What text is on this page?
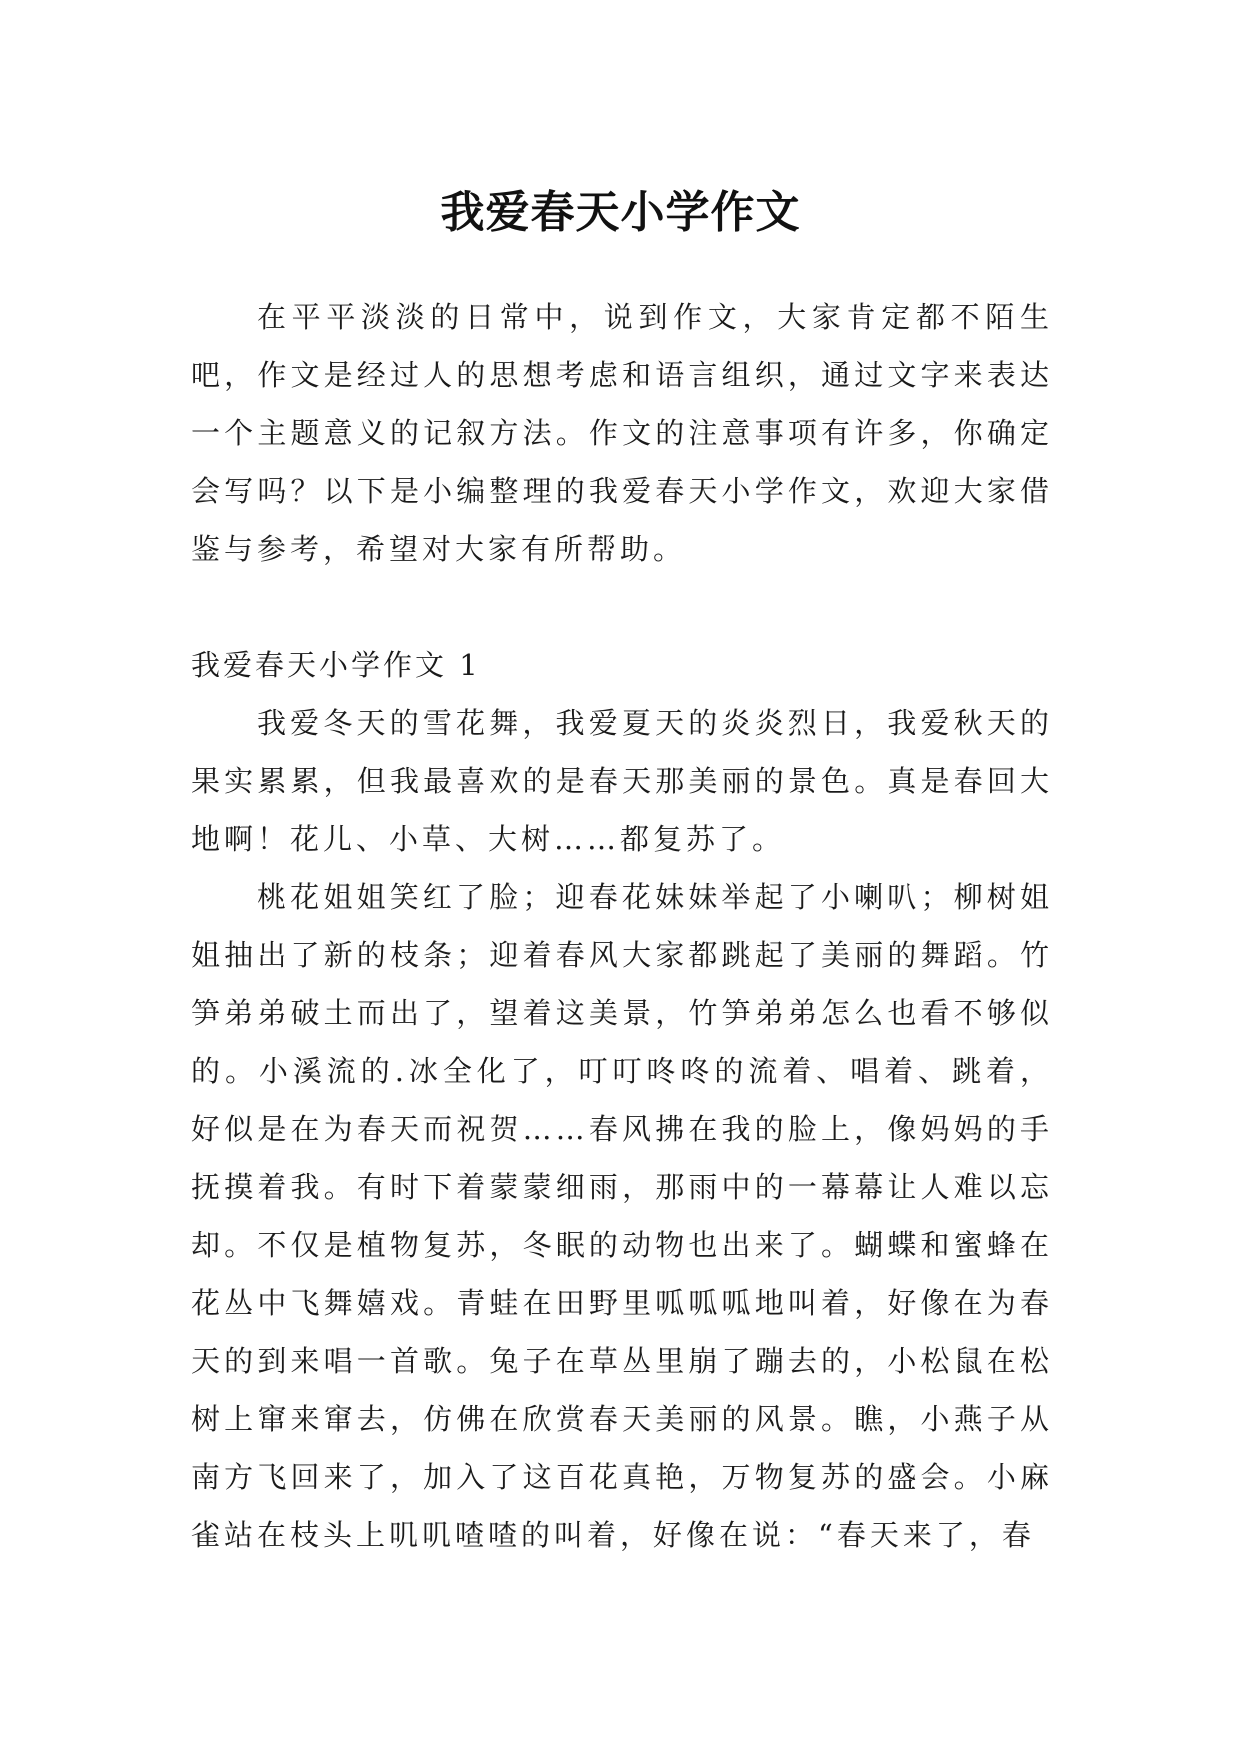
我爱春天小学作文

在平平淡淡的日常中，说到作文，大家肯定都不陌生吧，作文是经过人的思想考虑和语言组织，通过文字来表达一个主题意义的记叙方法。作文的注意事项有许多，你确定会写吗？以下是小编整理的我爱春天小学作文，欢迎大家借鉴与参考，希望对大家有所帮助。

我爱春天小学作文 1

我爱冬天的雪花舞，我爱夏天的炎炎烈日，我爱秋天的果实累累，但我最喜欢的是春天那美丽的景色。真是春回大地啊！花儿、小草、大树……都复苏了。

桃花姐姐笑红了脸；迎春花妹妹举起了小喇叭；柳树姐姐抽出了新的枝条；迎着春风大家都跳起了美丽的舞蹈。竹笋弟弟破土而出了，望着这美景，竹笋弟弟怎么也看不够似的。小溪流的.冰全化了，叮叮咚咚的流着、唱着、跳着，好似是在为春天而祝贺……春风拂在我的脸上，像妈妈的手抚摸着我。有时下着蒙蒙细雨，那雨中的一幕幕让人难以忘却。不仅是植物复苏，冬眠的动物也出来了。蝴蝶和蜜蜂在花丛中飞舞嬉戏。青蛙在田野里呱呱呱地叫着，好像在为春天的到来唱一首歌。兔子在草丛里崩了蹦去的，小松鼠在松树上窜来窜去，仿佛在欣赏春天美丽的风景。瞧，小燕子从南方飞回来了，加入了这百花真艳，万物复苏的盛会。小麻雀站在枝头上叽叽喳喳的叫着，好像在说：“春天来了，春
